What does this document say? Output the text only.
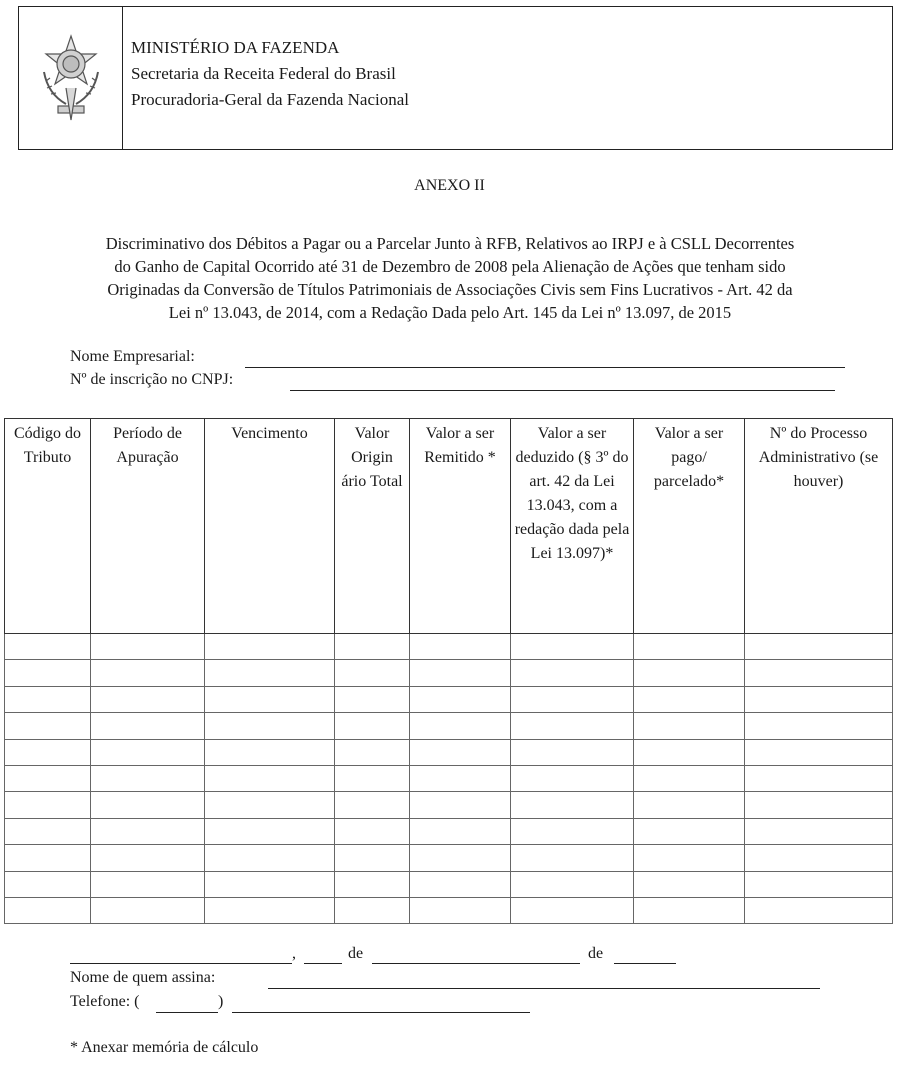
MINISTÉRIO DA FAZENDA
Secretaria da Receita Federal do Brasil
Procuradoria-Geral da Fazenda Nacional
ANEXO II
Discriminativo dos Débitos a Pagar ou a Parcelar Junto à RFB, Relativos ao IRPJ e à CSLL Decorrentes
do Ganho de Capital Ocorrido até 31 de Dezembro de 2008 pela Alienação de Ações que tenham sido
Originadas da Conversão de Títulos Patrimoniais de Associações Civis sem Fins Lucrativos - Art. 42 da
Lei nº 13.043, de 2014, com a Redação Dada pelo Art. 145 da Lei nº 13.097, de 2015
Nome Empresarial:
Nº de inscrição no CNPJ:
Código do Tributo	Período de Apuração	Vencimento	Valor Origin ário Total	Valor a ser Remitido *	Valor a ser deduzido (§ 3º do art. 42 da Lei 13.043, com a redação dada pela Lei 13.097)*	Valor a ser pago/ parcelado*	Nº do Processo Administrativo (se houver)

,	de	de
Nome de quem assina:
Telefone: (	)
* Anexar memória de cálculo
